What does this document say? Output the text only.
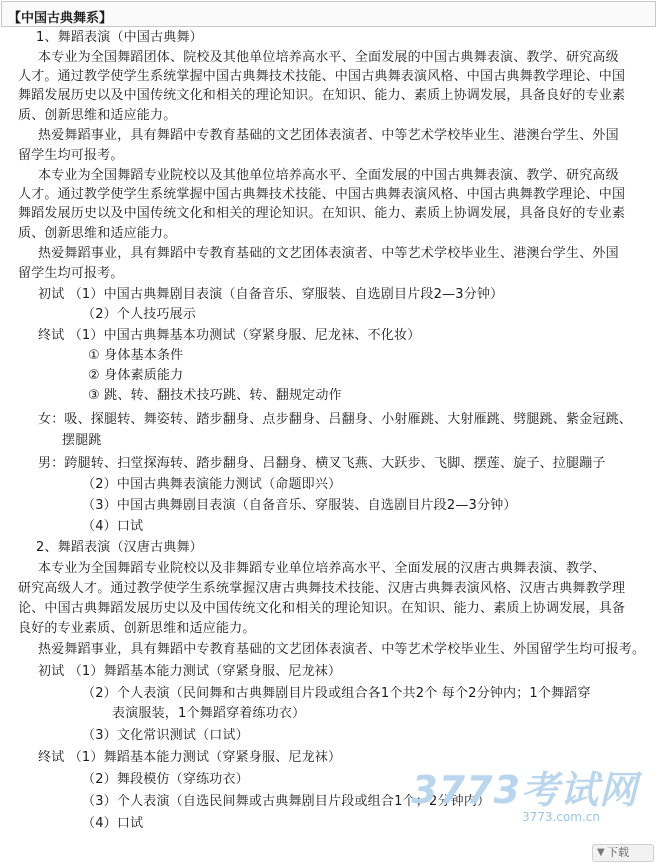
【中国古典舞系】
1、舞蹈表演（中国古典舞）
本专业为全国舞蹈团体、院校及其他单位培养高水平、全面发展的中国古典舞表演、教学、研究高级
人才。通过教学使学生系统掌握中国古典舞技术技能、中国古典舞表演风格、中国古典舞教学理论、中国
舞蹈发展历史以及中国传统文化和相关的理论知识。在知识、能力、素质上协调发展，具备良好的专业素
质、创新思维和适应能力。
热爱舞蹈事业，具有舞蹈中专教育基础的文艺团体表演者、中等艺术学校毕业生、港澳台学生、外国
留学生均可报考。
本专业为全国舞蹈专业院校以及其他单位培养高水平、全面发展的中国古典舞表演、教学、研究高级
人才。通过教学使学生系统掌握中国古典舞技术技能、中国古典舞表演风格、中国古典舞教学理论、中国
舞蹈发展历史以及中国传统文化和相关的理论知识。在知识、能力、素质上协调发展，具备良好的专业素
质、创新思维和适应能力。
热爱舞蹈事业，具有舞蹈中专教育基础的文艺团体表演者、中等艺术学校毕业生、港澳台学生、外国
留学生均可报考。
初试 （1）中国古典舞剧目表演（自备音乐、穿服装、自选剧目片段2—3分钟）
（2）个人技巧展示
终试 （1）中国古典舞基本功测试（穿紧身服、尼龙袜、不化妆）
① 身体基本条件
② 身体素质能力
③ 跳、转、翻技术技巧跳、转、翻规定动作
女：吸、探腿转、舞姿转、踏步翻身、点步翻身、吕翻身、小射雁跳、大射雁跳、劈腿跳、紫金冠跳、
摆腿跳
男：跨腿转、扫堂探海转、踏步翻身、吕翻身、横叉飞燕、大跃步、飞脚、摆莲、旋子、拉腿蹦子
（2）中国古典舞表演能力测试（命题即兴）
（3）中国古典舞剧目表演（自备音乐、穿服装、自选剧目片段2—3分钟）
（4）口试
2、舞蹈表演（汉唐古典舞）
本专业为全国舞蹈专业院校以及非舞蹈专业单位培养高水平、全面发展的汉唐古典舞表演、教学、
研究高级人才。通过教学使学生系统掌握汉唐古典舞技术技能、汉唐古典舞表演风格、汉唐古典舞教学理
论、中国古典舞蹈发展历史以及中国传统文化和相关的理论知识。在知识、能力、素质上协调发展，具备
良好的专业素质、创新思维和适应能力。
热爱舞蹈事业，具有舞蹈中专教育基础的文艺团体表演者、中等艺术学校毕业生、外国留学生均可报考。
初试 （1）舞蹈基本能力测试（穿紧身服、尼龙袜）
（2）个人表演（民间舞和古典舞剧目片段或组合各1个共2个 每个2分钟内；1个舞蹈穿
表演服装，1个舞蹈穿着练功衣）
（3）文化常识测试（口试）
终试 （1）舞蹈基本能力测试（穿紧身服、尼龙袜）
（2）舞段模仿（穿练功衣）
（3）个人表演（自选民间舞或古典舞剧目片段或组合1个；2分钟内）
（4）口试
3773考试网
3773.com.cn
▼ 下载
